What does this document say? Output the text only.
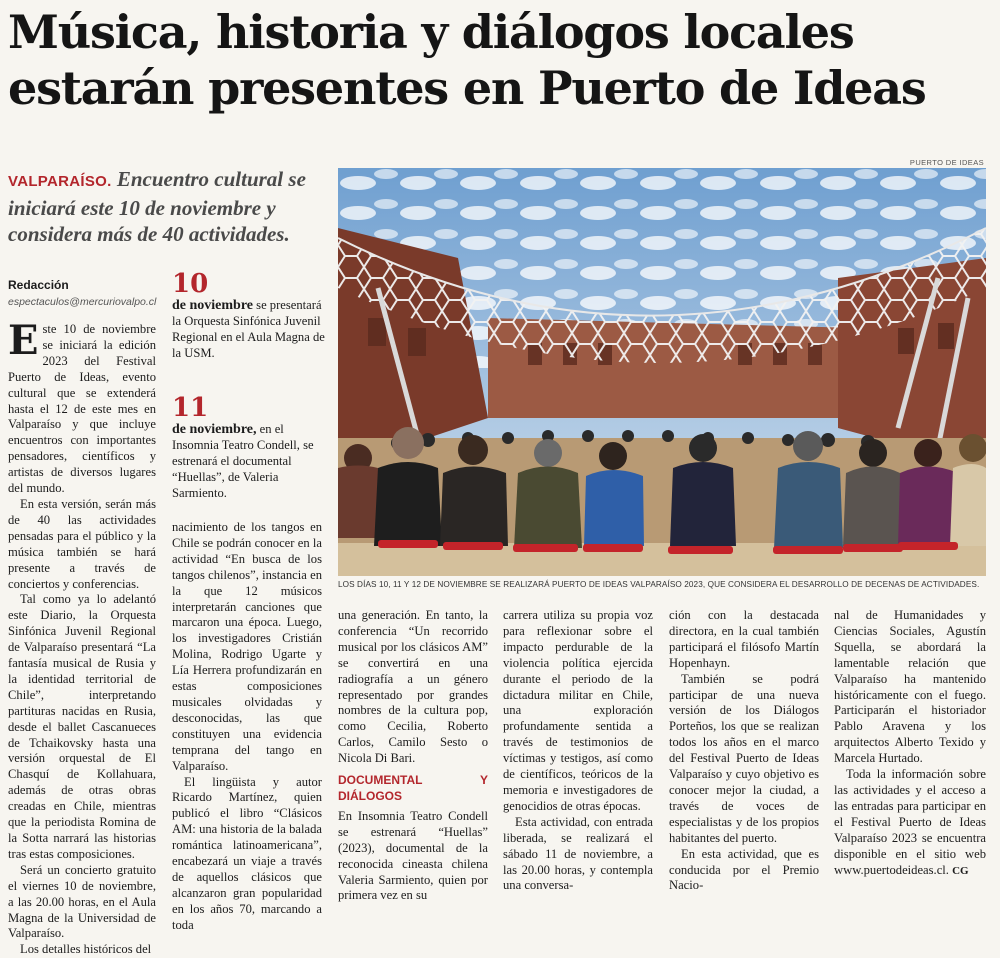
Música, historia y diálogos locales
estarán presentes en Puerto de Ideas
VALPARAÍSO. Encuentro cultural se iniciará este 10 de noviembre y considera más de 40 actividades.
Redacción
espectaculos@mercuriovalpo.cl

Este 10 de noviembre se iniciará la edición 2023 del Festival Puerto de Ideas, evento cultural que se extenderá hasta el 12 de este mes en Valparaíso y que incluye encuentros con importantes pensadores, científicos y artistas de diversos lugares del mundo.

En esta versión, serán más de 40 las actividades pensadas para el público y la música también se hará presente a través de conciertos y conferencias.

Tal como ya lo adelantó este Diario, la Orquesta Sinfónica Juvenil Regional de Valparaíso presentará “La fantasía musical de Rusia y la identidad territorial de Chile”, interpretando partituras nacidas en Rusia, desde el ballet Cascanueces de Tchaikovsky hasta una versión orquestal de El Chasquí de Kollahuara, además de otras obras creadas en Chile, mientras que la periodista Romina de la Sotta narrará las historias tras estas composiciones.

Será un concierto gratuito el viernes 10 de noviembre, a las 20.00 horas, en el Aula Magna de la Universidad de Valparaíso.

Los detalles históricos del

10
de noviembre se presentará la Orquesta Sinfónica Juvenil Regional en el Aula Magna de la USM.
11
de noviembre, en el Insomnia Teatro Condell, se estrenará el documental “Huellas”, de Valeria Sarmiento.

nacimiento de los tangos en Chile se podrán conocer en la actividad “En busca de los tangos chilenos”, instancia en la que 12 músicos interpretarán canciones que marcaron una época. Luego, los investigadores Cristián Molina, Rodrigo Ugarte y Lía Herrera profundizarán en estas composiciones musicales olvidadas y desconocidas, las que constituyen una evidencia temprana del tango en Valparaíso.

El lingüista y autor Ricardo Martínez, quien publicó el libro “Clásicos AM: una historia de la balada romántica latinoamericana”, encabezará un viaje a través de aquellos clásicos que alcanzaron gran popularidad en los años 70, marcando a toda

una generación. En tanto, la conferencia “Un recorrido musical por los clásicos AM” se convertirá en una radiografía a un género representado por grandes nombres de la cultura pop, como Cecilia, Roberto Carlos, Camilo Sesto o Nicola Di Bari.

DOCUMENTAL Y DIÁLOGOS

En Insomnia Teatro Condell se estrenará “Huellas” (2023), documental de la reconocida cineasta chilena Valeria Sarmiento, quien por primera vez en su

carrera utiliza su propia voz para reflexionar sobre el impacto perdurable de la violencia política ejercida durante el periodo de la dictadura militar en Chile, una exploración profundamente sentida a través de testimonios de víctimas y testigos, así como de científicos, teóricos de la memoria e investigadores de genocidios de otras épocas.

Esta actividad, con entrada liberada, se realizará el sábado 11 de noviembre, a las 20.00 horas, y contempla una conversa-

ción con la destacada directora, en la cual también participará el filósofo Martín Hopenhayn.

También se podrá participar de una nueva versión de los Diálogos Porteños, los que se realizan todos los años en el marco del Festival Puerto de Ideas Valparaíso y cuyo objetivo es conocer mejor la ciudad, a través de voces de especialistas y de los propios habitantes del puerto.

En esta actividad, que es conducida por el Premio Nacio-

nal de Humanidades y Ciencias Sociales, Agustín Squella, se abordará la lamentable relación que Valparaíso ha mantenido históricamente con el fuego. Participarán el historiador Pablo Aravena y los arquitectos Alberto Texido y Marcela Hurtado.

Toda la información sobre las actividades y el acceso a las entradas para participar en el Festival Puerto de Ideas Valparaíso 2023 se encuentra disponible en el sitio web www.puertodeideas.cl. CG

PUERTO DE IDEAS
LOS DÍAS 10, 11 Y 12 DE NOVIEMBRE SE REALIZARÁ PUERTO DE IDEAS VALPARAÍSO 2023, QUE CONSIDERA EL DESARROLLO DE DECENAS DE ACTIVIDADES.
